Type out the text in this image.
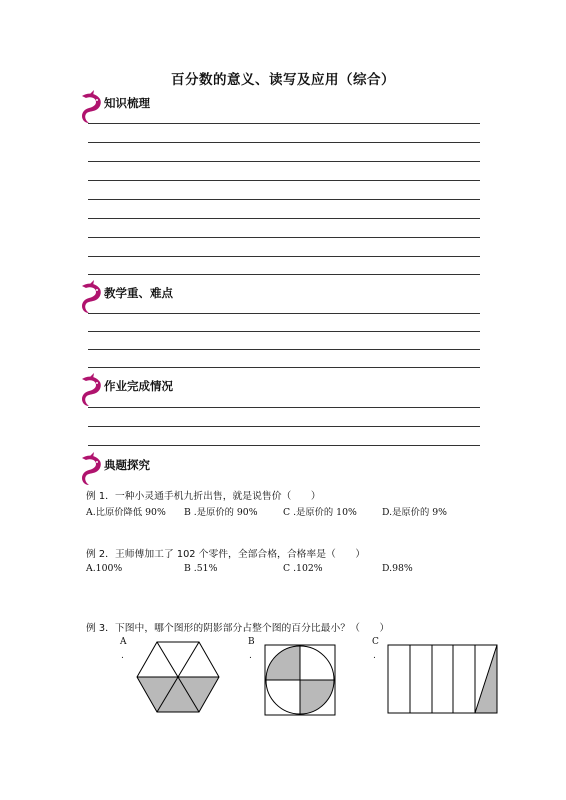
百分数的意义、读写及应用（综合）
知识梳理
教学重、难点
作业完成情况
典题探究
例 1．一种小灵通手机九折出售，就是说售价（　　）
A.比原价降低 90% B .是原价的 90%	C .是原价的 10%	D.是原价的 9%
例 2．王师傅加工了 102 个零件，全部合格，合格率是（　　）
A.100%	B .51%	C .102%	D.98%
例 3．下图中，哪个图形的阴影部分占整个图的百分比最小？（　　）
A
.
B
.
C
.
